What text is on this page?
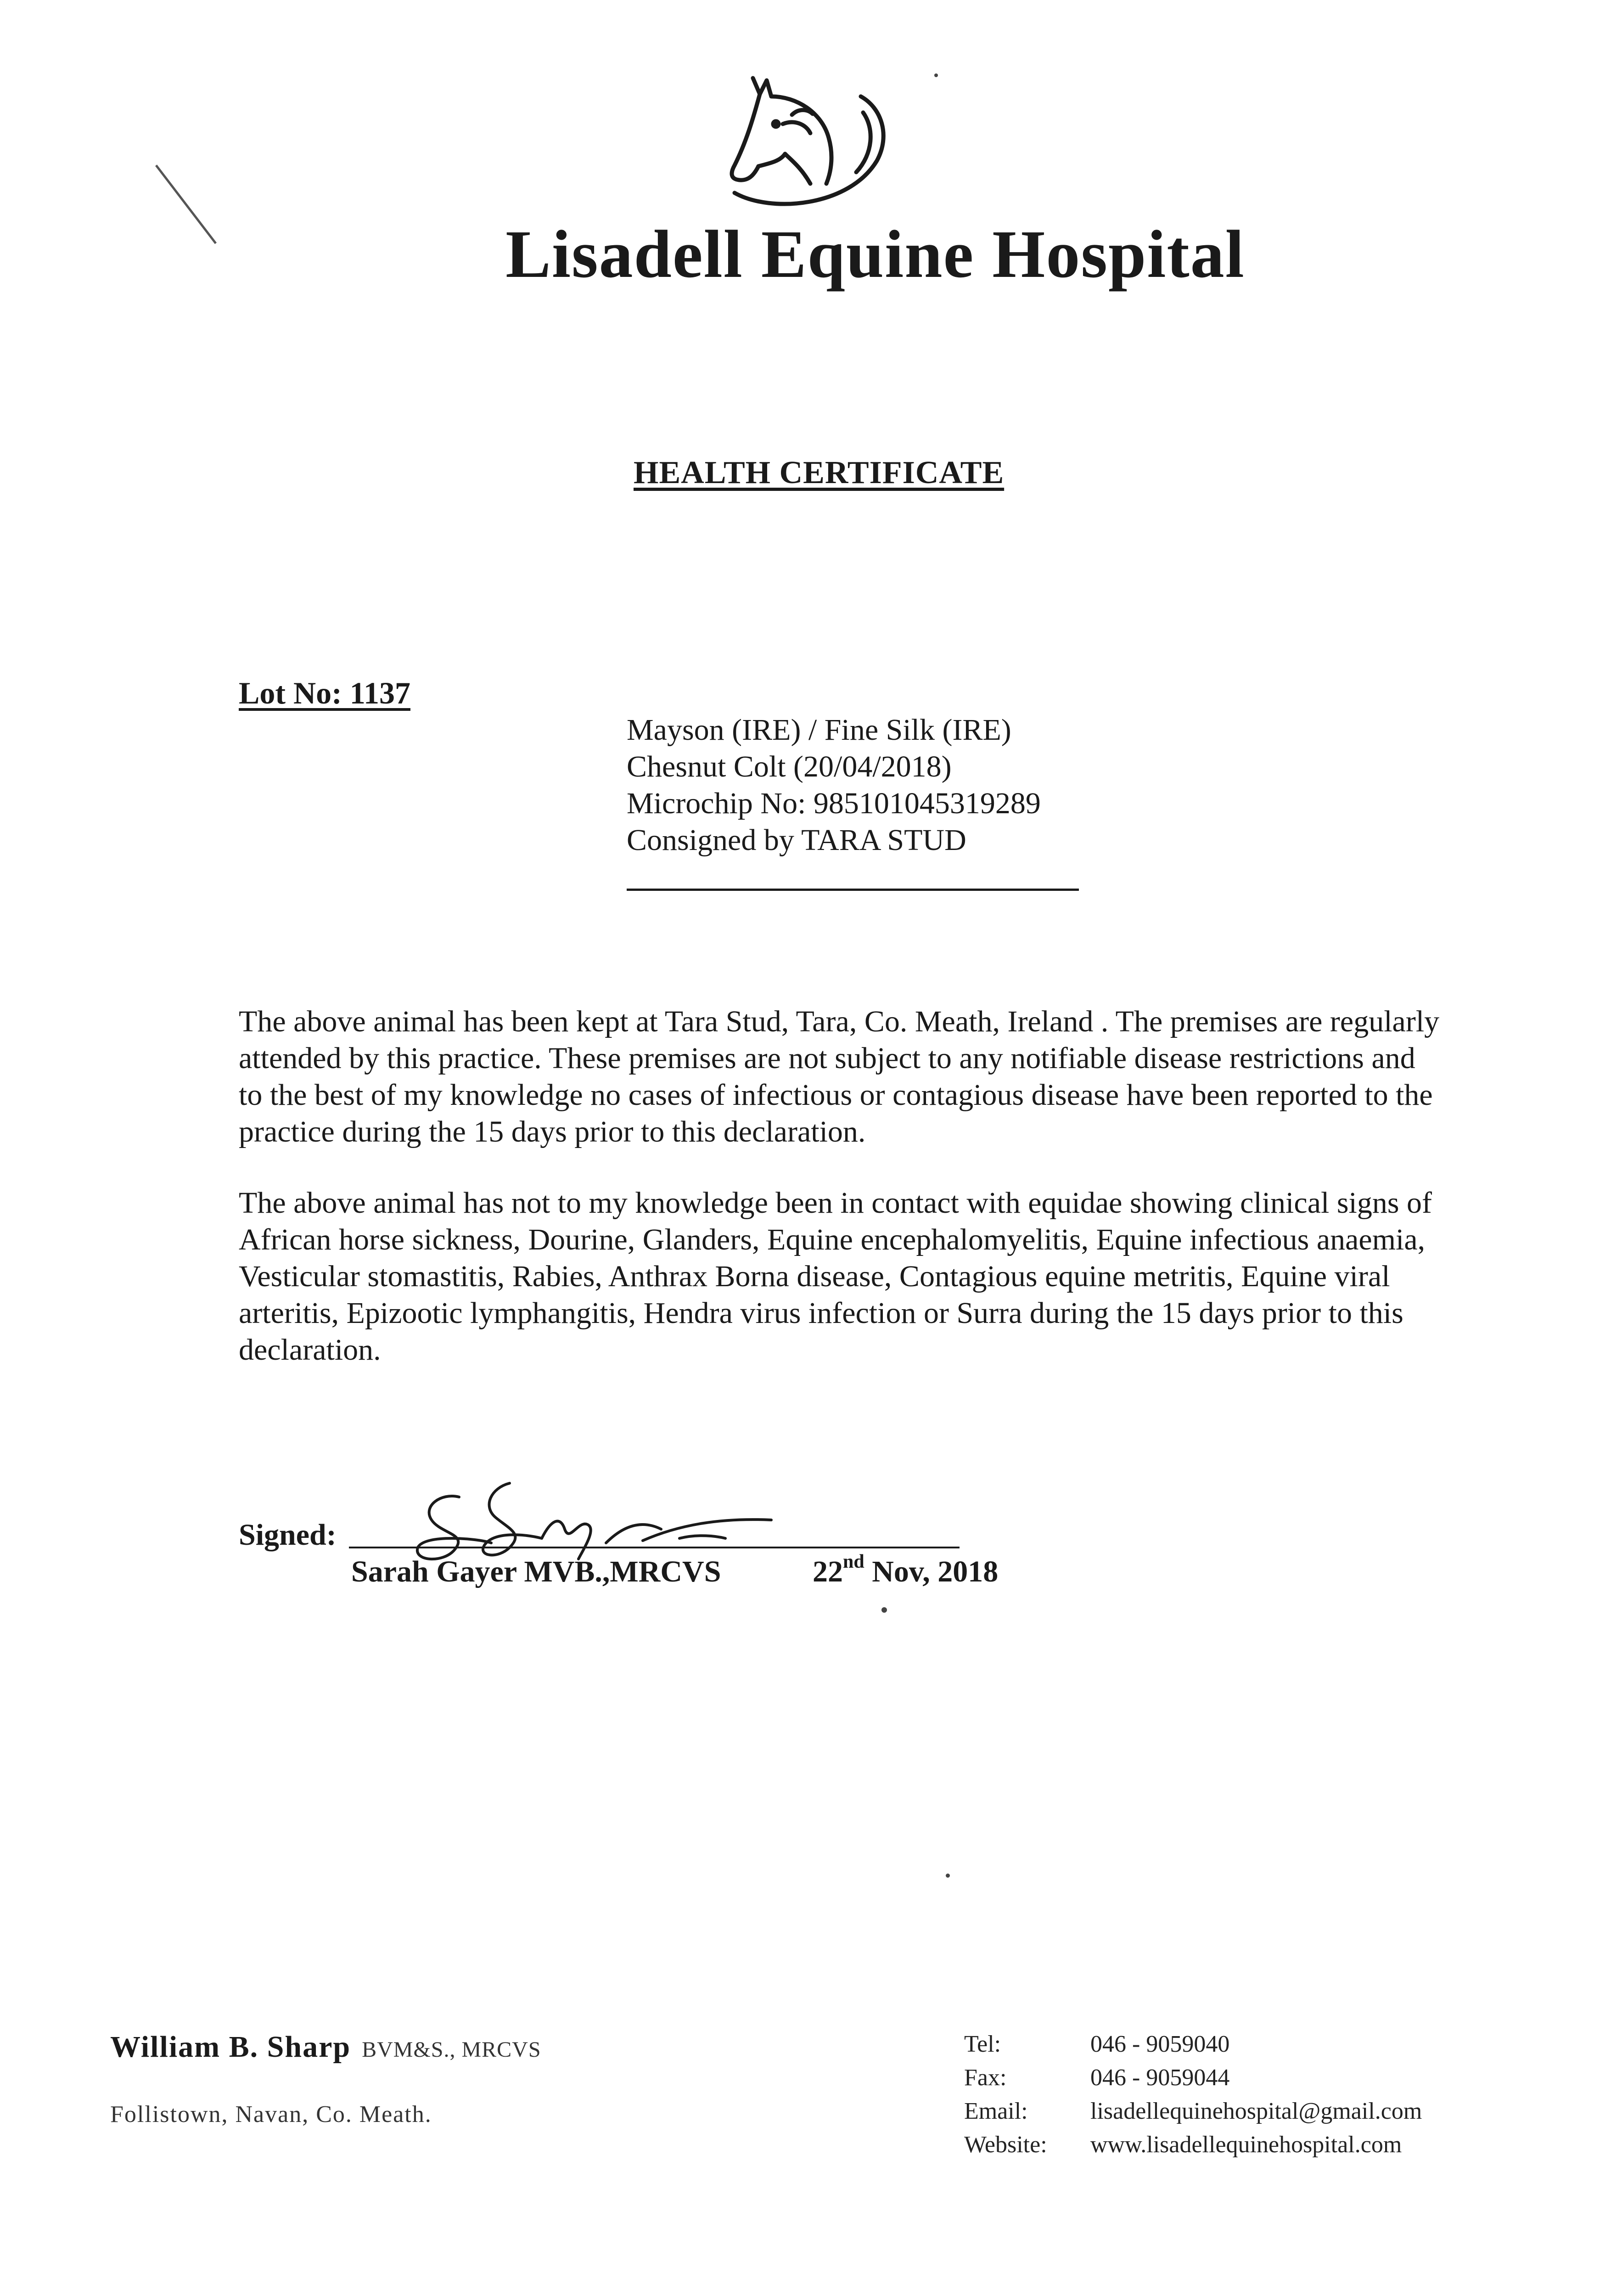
Lisadell Equine Hospital
HEALTH CERTIFICATE
Lot No: 1137
Mayson (IRE) / Fine Silk (IRE)
Chesnut Colt (20/04/2018)
Microchip No: 985101045319289
Consigned by TARA STUD
The above animal has been kept at Tara Stud, Tara, Co. Meath, Ireland . The premises are regularly attended by this practice. These premises are not subject to any notifiable disease restrictions and to the best of my knowledge no cases of infectious or contagious disease have been reported to the practice during the 15 days prior to this declaration.
The above animal has not to my knowledge been in contact with equidae showing clinical signs of African horse sickness, Dourine, Glanders, Equine encephalomyelitis, Equine infectious anaemia, Vesticular stomastitis, Rabies, Anthrax Borna disease, Contagious equine metritis, Equine viral arteritis, Epizootic lymphangitis, Hendra virus infection or Surra during the 15 days prior to this declaration.
Signed:
Sarah Gayer MVB.,MRCVS	22nd Nov, 2018
William B. Sharp BVM&S., MRCVS
Follistown, Navan, Co. Meath.
Tel:	046 - 9059040
Fax:	046 - 9059044
Email:	lisadellequinehospital@gmail.com
Website:	www.lisadellequinehospital.com
